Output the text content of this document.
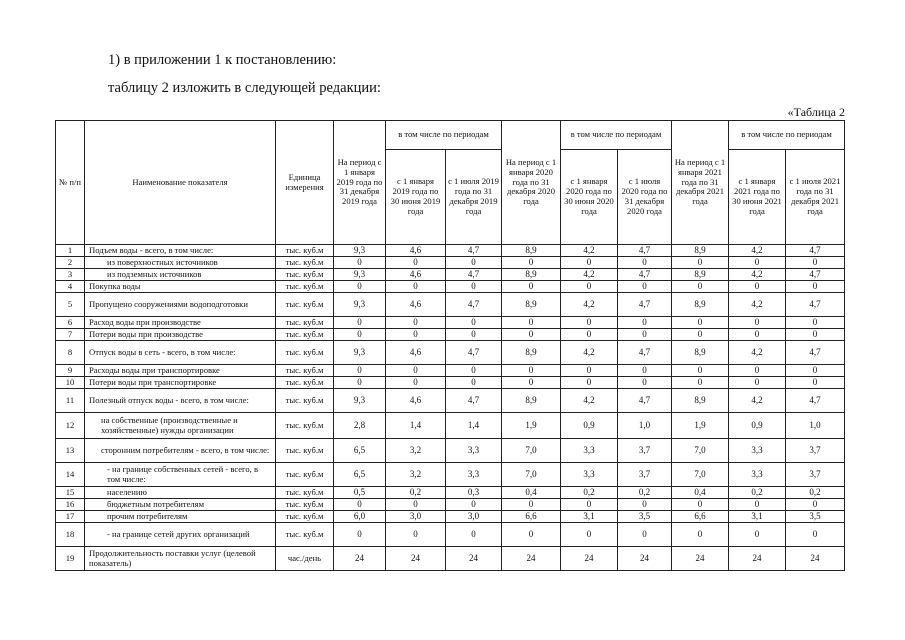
1) в приложении 1 к постановлению:
таблицу 2 изложить в следующей редакции:
«Таблица 2
№ п/п	Наименование показателя	Единица измерения	На период с 1 января 2019 года по 31 декабря 2019 года	в том числе по периодам		На период с 1 января 2020 года по 31 декабря 2020 года	в том числе по периодам		На период с 1 января 2021 года по 31 декабря 2021 года	в том числе по периодам	
				с 1 января 2019 года по 30 июня 2019 года	с 1 июля 2019 года по 31 декабря 2019 года		с 1 января 2020 года по 30 июня 2020 года	с 1 июля 2020 года по 31 декабря 2020 года		с 1 января 2021 года по 30 июня 2021 года	с 1 июля 2021 года по 31 декабря 2021 года
1	Подъем воды - всего, в том числе:	тыс. куб.м	9,3	4,6	4,7	8,9	4,2	4,7	8,9	4,2	4,7
2	из поверхностных источников	тыс. куб.м	0	0	0	0	0	0	0	0	0
3	из подземных источников	тыс. куб.м	9,3	4,6	4,7	8,9	4,2	4,7	8,9	4,2	4,7
4	Покупка воды	тыс. куб.м	0	0	0	0	0	0	0	0	0
5	Пропущено сооружениями водоподготовки	тыс. куб.м	9,3	4,6	4,7	8,9	4,2	4,7	8,9	4,2	4,7
6	Расход воды при производстве	тыс. куб.м	0	0	0	0	0	0	0	0	0
7	Потери воды при производстве	тыс. куб.м	0	0	0	0	0	0	0	0	0
8	Отпуск воды в сеть - всего, в том числе:	тыс. куб.м	9,3	4,6	4,7	8,9	4,2	4,7	8,9	4,2	4,7
9	Расходы воды при транспортировке	тыс. куб.м	0	0	0	0	0	0	0	0	0
10	Потери воды при транспортировке	тыс. куб.м	0	0	0	0	0	0	0	0	0
11	Полезный отпуск воды - всего, в том числе:	тыс. куб.м	9,3	4,6	4,7	8,9	4,2	4,7	8,9	4,2	4,7
12	на собственные (производственные и хозяйственные) нужды организации	тыс. куб.м	2,8	1,4	1,4	1,9	0,9	1,0	1,9	0,9	1,0
13	сторонним потребителям - всего, в том числе:	тыс. куб.м	6,5	3,2	3,3	7,0	3,3	3,7	7,0	3,3	3,7
14	- на границе собственных сетей - всего, в том числе:	тыс. куб.м	6,5	3,2	3,3	7,0	3,3	3,7	7,0	3,3	3,7
15	населению	тыс. куб.м	0,5	0,2	0,3	0,4	0,2	0,2	0,4	0,2	0,2
16	бюджетным потребителям	тыс. куб.м	0	0	0	0	0	0	0	0	0
17	прочим потребителям	тыс. куб.м	6,0	3,0	3,0	6,6	3,1	3,5	6,6	3,1	3,5
18	- на границе сетей других организаций	тыс. куб.м	0	0	0	0	0	0	0	0	0
19	Продолжительность поставки услуг (целевой показатель)	час./день	24	24	24	24	24	24	24	24	24
